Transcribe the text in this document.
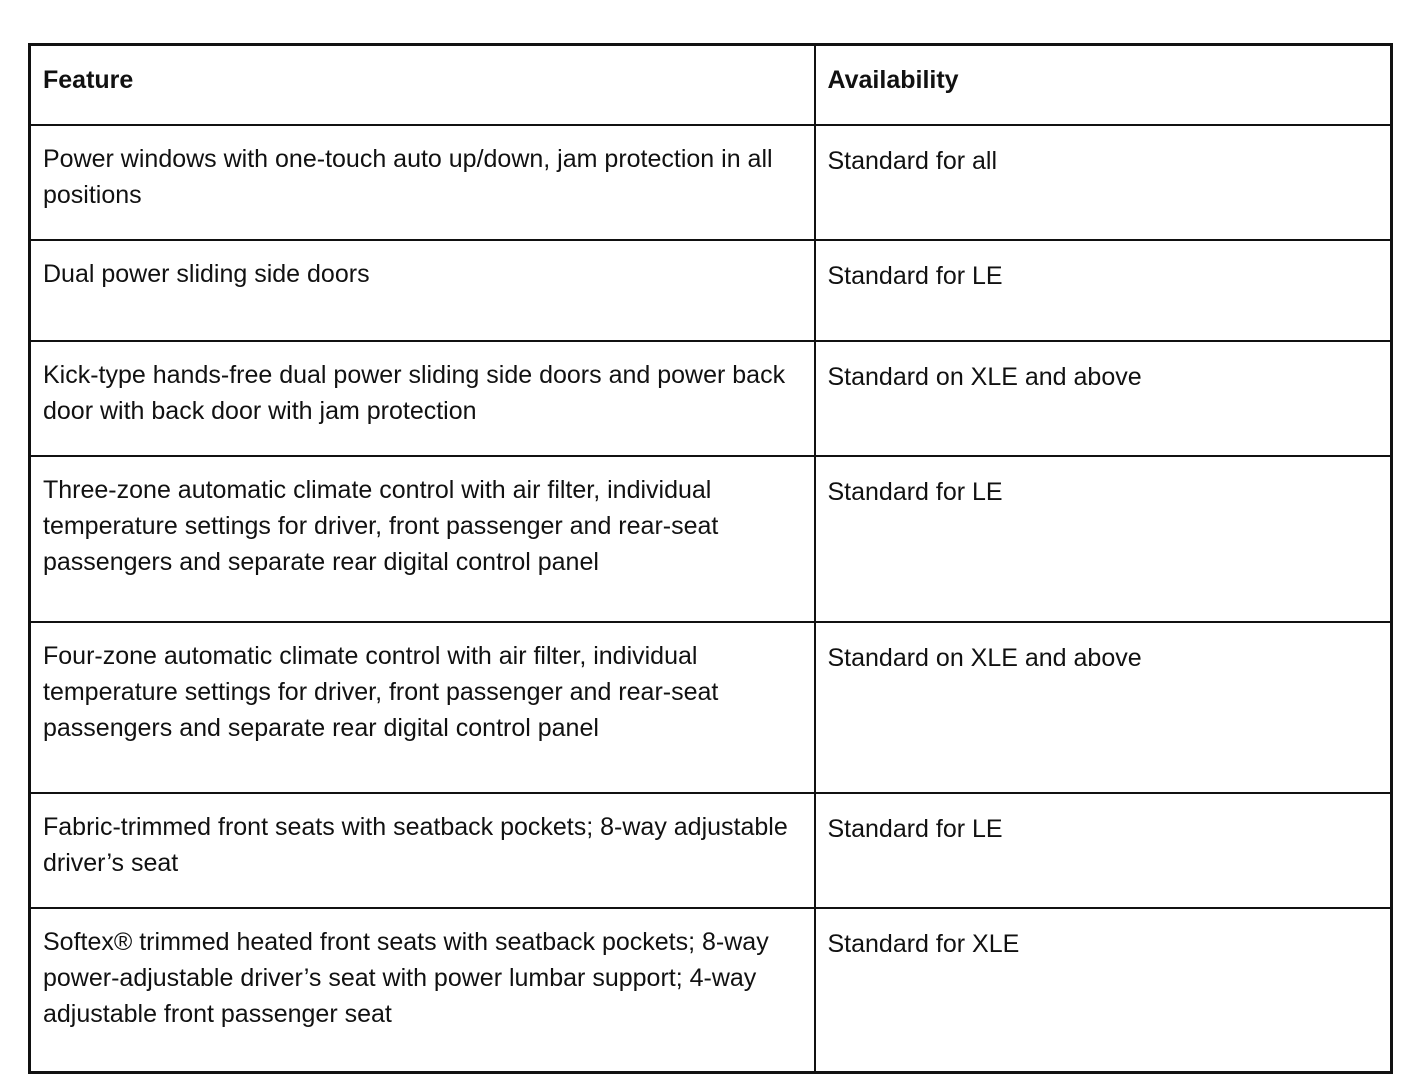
Feature	Availability
Power windows with one-touch auto up/down, jam protection in all positions	Standard for all
Dual power sliding side doors	Standard for LE
Kick-type hands-free dual power sliding side doors and power back door with back door with jam protection	Standard on XLE and above
Three-zone automatic climate control with air filter, individual temperature settings for driver, front passenger and rear-seat passengers and separate rear digital control panel	Standard for LE
Four-zone automatic climate control with air filter, individual temperature settings for driver, front passenger and rear-seat passengers and separate rear digital control panel	Standard on XLE and above
Fabric-trimmed front seats with seatback pockets; 8-way adjustable driver’s seat	Standard for LE
Softex® trimmed heated front seats with seatback pockets; 8-way power-adjustable driver’s seat with power lumbar support; 4-way adjustable front passenger seat	Standard for XLE
